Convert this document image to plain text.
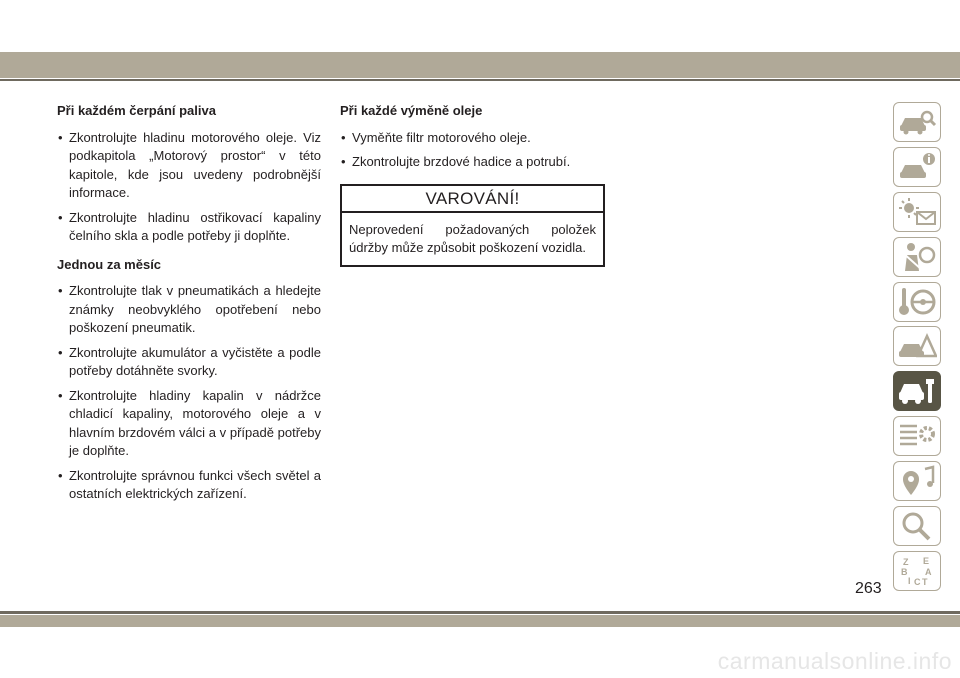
Při každém čerpání paliva
• Zkontrolujte hladinu motorového oleje. Viz podkapitola „Motorový prostor“ v této kapitole, kde jsou uvedeny podrobnější informace.
• Zkontrolujte hladinu ostřikovací kapaliny čelního skla a podle potřeby ji doplňte.
Jednou za měsíc
• Zkontrolujte tlak v pneumatikách a hledejte známky neobvyklého opotřebení nebo poškození pneumatik.
• Zkontrolujte akumulátor a vyčistěte a podle potřeby dotáhněte svorky.
• Zkontrolujte hladiny kapalin v nádržce chladicí kapaliny, motorového oleje a v hlavním brzdovém válci a v případě potřeby je doplňte.
• Zkontrolujte správnou funkci všech světel a ostatních elektrických zařízení.
Při každé výměně oleje
• Vyměňte filtr motorového oleje.
• Zkontrolujte brzdové hadice a potrubí.
VAROVÁNÍ!
Neprovedení požadovaných položek údržby může způsobit poškození vozidla.
Z E
B A
I C T
263
carmanualsonline.info
